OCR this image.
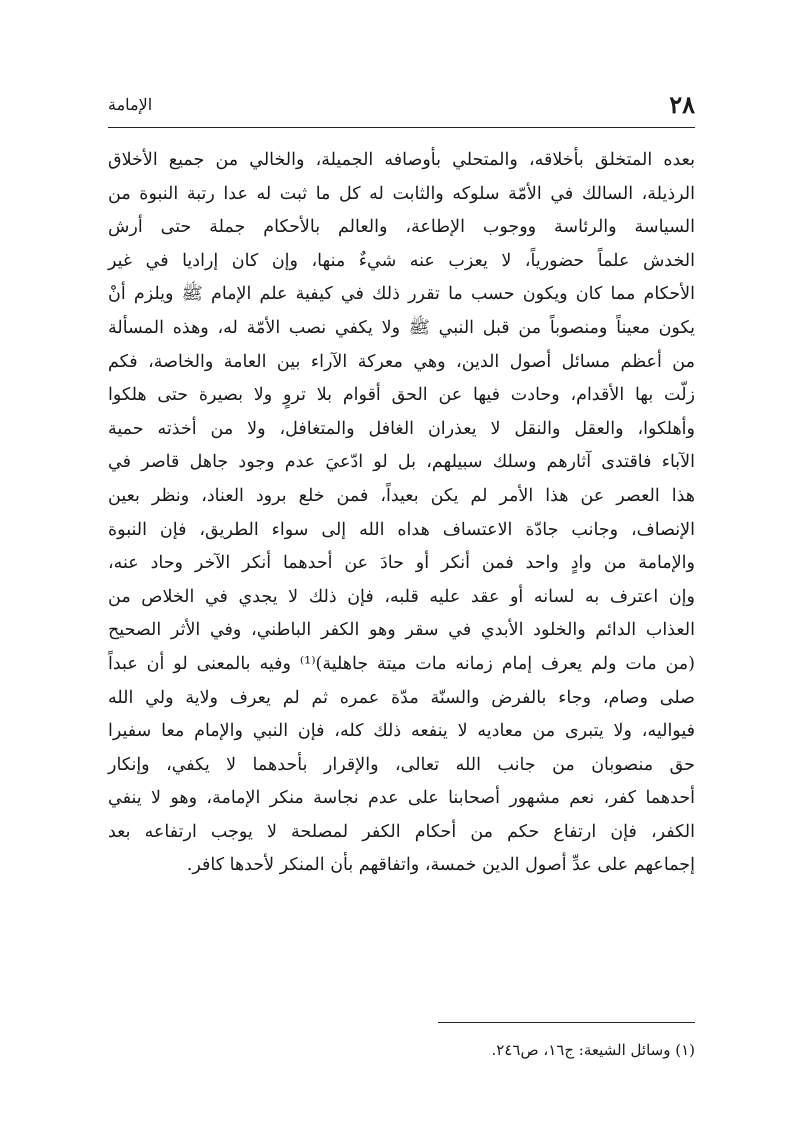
٢٨
الإمامة
بعده المتخلق بأخلاقه، والمتحلي بأوصافه الجميلة، والخالي من جميع الأخلاق
الرذيلة، السالك في الأمّة سلوكه والثابت له كل ما ثبت له عدا رتبة النبوة من
السياسة والرئاسة ووجوب الإطاعة، والعالم بالأحكام جملة حتى أرش
الخدش علماً حضورياً، لا يعزب عنه شيءٌ منها، وإن كان إراديا في غير
الأحكام مما كان ويكون حسب ما تقرر ذلك في كيفية علم الإمام ﷺ ويلزم أنْ
يكون معيناً ومنصوباً من قبل النبي ﷺ ولا يكفي نصب الأمّة له، وهذه المسألة
من أعظم مسائل أصول الدين، وهي معركة الآراء بين العامة والخاصة، فكم
زلّت بها الأقدام، وحادت فيها عن الحق أقوام بلا تروٍ ولا بصيرة حتى هلكوا
وأهلكوا، والعقل والنقل لا يعذران الغافل والمتغافل، ولا من أخذته حمية
الآباء فاقتدى آثارهم وسلك سبيلهم، بل لو ادّعيَ عدم وجود جاهل قاصر في
هذا العصر عن هذا الأمر لم يكن بعيداً، فمن خلع برود العناد، ونظر بعين
الإنصاف، وجانب جادّة الاعتساف هداه الله إلى سواء الطريق، فإن النبوة
والإمامة من وادٍ واحد فمن أنكر أو حادَ عن أحدهما أنكر الآخر وحاد عنه،
وإن اعترف به لسانه أو عقد عليه قلبه، فإن ذلك لا يجدي في الخلاص من
العذاب الدائم والخلود الأبدي في سقر وهو الكفر الباطني، وفي الأثر الصحيح
(من مات ولم يعرف إمام زمانه مات ميتة جاهلية)⁽¹⁾ وفيه بالمعنى لو أن عبداً
صلى وصام، وجاء بالفرض والسنّة مدّة عمره ثم لم يعرف ولاية ولي الله
فيواليه، ولا يتبرى من معاديه لا ينفعه ذلك كله، فإن النبي والإمام معا سفيرا
حق منصوبان من جانب الله تعالى، والإقرار بأحدهما لا يكفي، وإنكار
أحدهما كفر، نعم مشهور أصحابنا على عدم نجاسة منكر الإمامة، وهو لا ينفي
الكفر، فإن ارتفاع حكم من أحكام الكفر لمصلحة لا يوجب ارتفاعه بعد
إجماعهم على عدِّ أصول الدين خمسة، واتفاقهم بأن المنكر لأحدها كافر.
(١) وسائل الشيعة: ج١٦، ص٢٤٦.
